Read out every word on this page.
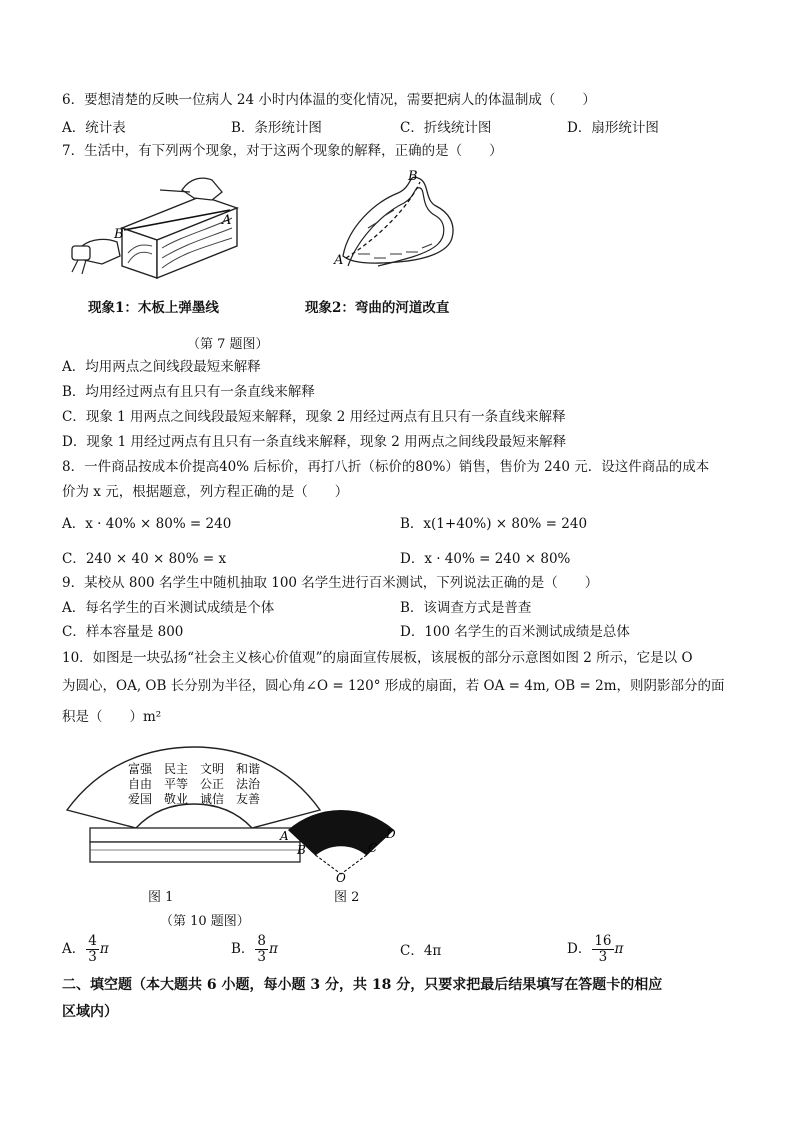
6．要想清楚的反映一位病人 24 小时内体温的变化情况，需要把病人的体温制成（　　）
A．统计表	B．条形统计图	C．折线统计图	D．扇形统计图
7．生活中，有下列两个现象，对于这两个现象的解释，正确的是（　　）
B
A
A
B
现象1：木板上弹墨线	现象2：弯曲的河道改直
（第 7 题图）
A．均用两点之间线段最短来解释
B．均用经过两点有且只有一条直线来解释
C．现象 1 用两点之间线段最短来解释，现象 2 用经过两点有且只有一条直线来解释
D．现象 1 用经过两点有且只有一条直线来解释，现象 2 用两点之间线段最短来解释
8．一件商品按成本价提高40% 后标价，再打八折（标价的80%）销售，售价为 240 元．设这件商品的成本
价为 x 元，根据题意，列方程正确的是（　　）
A．x · 40% × 80% = 240	B．x(1+40%) × 80% = 240
C．240 × 40 × 80% = x	D．x · 40% = 240 × 80%
9．某校从 800 名学生中随机抽取 100 名学生进行百米测试，下列说法正确的是（　　）
A．每名学生的百米测试成绩是个体	B．该调查方式是普查
C．样本容量是 800	D．100 名学生的百米测试成绩是总体
10．如图是一块弘扬“社会主义核心价值观”的扇面宣传展板，该展板的部分示意图如图 2 所示，它是以 O
为圆心，OA, OB 长分别为半径，圆心角∠O = 120° 形成的扇面，若 OA = 4m, OB = 2m，则阴影部分的面
积是（　　）m²
富强　民主　文明　和谐
自由　平等　公正　法治
爱国　敬业　诚信　友善
A
B	C
D
O
图 1	图 2
（第 10 题图）
A． $\frac{4}{3}$ π	B． $\frac{8}{3}$ π	C．4π	D． $\frac{16}{3}$ π
二、填空题（本大题共 6 小题，每小题 3 分，共 18 分，只要求把最后结果填写在答题卡的相应
区域内）
